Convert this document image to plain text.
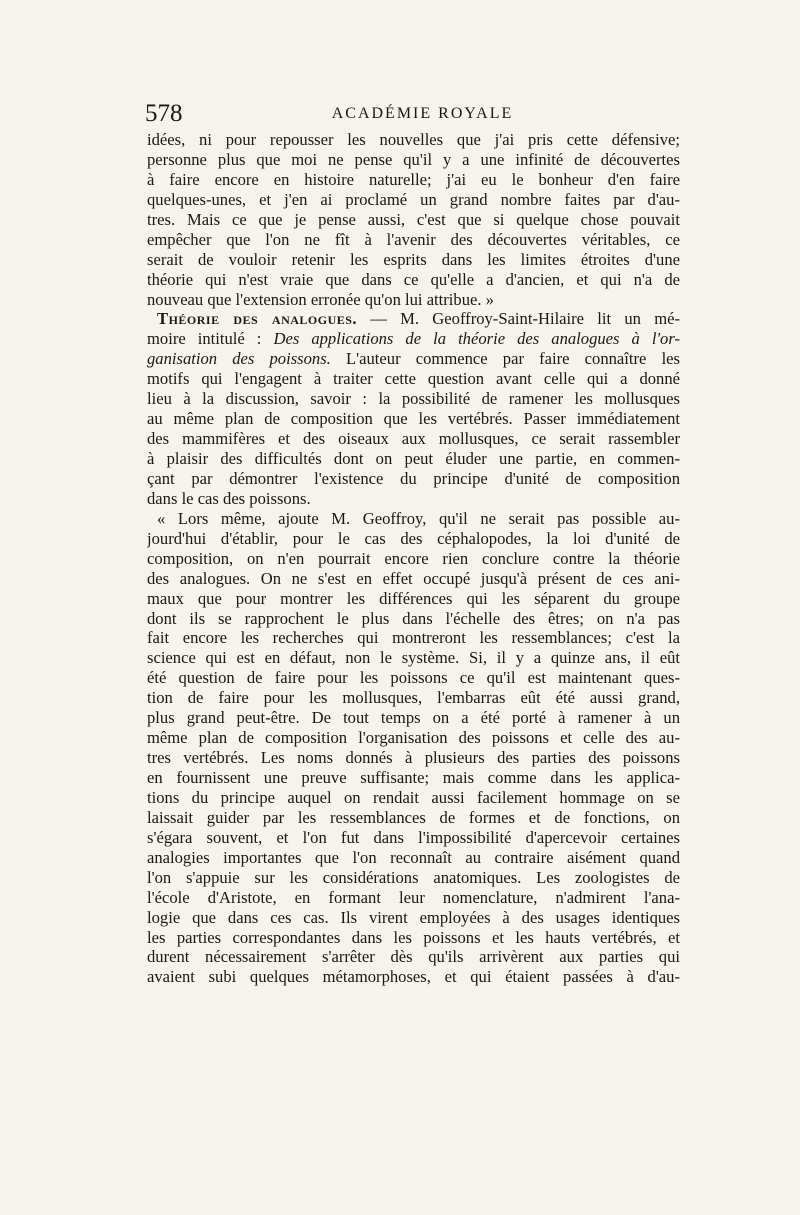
578	ACADÉMIE ROYALE
idées, ni pour repousser les nouvelles que j'ai pris cette défensive;
personne plus que moi ne pense qu'il y a une infinité de découvertes
à faire encore en histoire naturelle; j'ai eu le bonheur d'en faire
quelques-unes, et j'en ai proclamé un grand nombre faites par d'au-
tres. Mais ce que je pense aussi, c'est que si quelque chose pouvait
empêcher que l'on ne fît à l'avenir des découvertes véritables, ce
serait de vouloir retenir les esprits dans les limites étroites d'une
théorie qui n'est vraie que dans ce qu'elle a d'ancien, et qui n'a de
nouveau que l'extension erronée qu'on lui attribue. »
Théorie des analogues. — M. Geoffroy-Saint-Hilaire lit un mé-
moire intitulé : Des applications de la théorie des analogues à l'or-
ganisation des poissons. L'auteur commence par faire connaître les
motifs qui l'engagent à traiter cette question avant celle qui a donné
lieu à la discussion, savoir : la possibilité de ramener les mollusques
au même plan de composition que les vertébrés. Passer immédiatement
des mammifères et des oiseaux aux mollusques, ce serait rassembler
à plaisir des difficultés dont on peut éluder une partie, en commen-
çant par démontrer l'existence du principe d'unité de composition
dans le cas des poissons.
« Lors même, ajoute M. Geoffroy, qu'il ne serait pas possible au-
jourd'hui d'établir, pour le cas des céphalopodes, la loi d'unité de
composition, on n'en pourrait encore rien conclure contre la théorie
des analogues. On ne s'est en effet occupé jusqu'à présent de ces ani-
maux que pour montrer les différences qui les séparent du groupe
dont ils se rapprochent le plus dans l'échelle des êtres; on n'a pas
fait encore les recherches qui montreront les ressemblances; c'est la
science qui est en défaut, non le système. Si, il y a quinze ans, il eût
été question de faire pour les poissons ce qu'il est maintenant ques-
tion de faire pour les mollusques, l'embarras eût été aussi grand,
plus grand peut-être. De tout temps on a été porté à ramener à un
même plan de composition l'organisation des poissons et celle des au-
tres vertébrés. Les noms donnés à plusieurs des parties des poissons
en fournissent une preuve suffisante; mais comme dans les applica-
tions du principe auquel on rendait aussi facilement hommage on se
laissait guider par les ressemblances de formes et de fonctions, on
s'égara souvent, et l'on fut dans l'impossibilité d'apercevoir certaines
analogies importantes que l'on reconnaît au contraire aisément quand
l'on s'appuie sur les considérations anatomiques. Les zoologistes de
l'école d'Aristote, en formant leur nomenclature, n'admirent l'ana-
logie que dans ces cas. Ils virent employées à des usages identiques
les parties correspondantes dans les poissons et les hauts vertébrés, et
durent nécessairement s'arrêter dès qu'ils arrivèrent aux parties qui
avaient subi quelques métamorphoses, et qui étaient passées à d'au-
